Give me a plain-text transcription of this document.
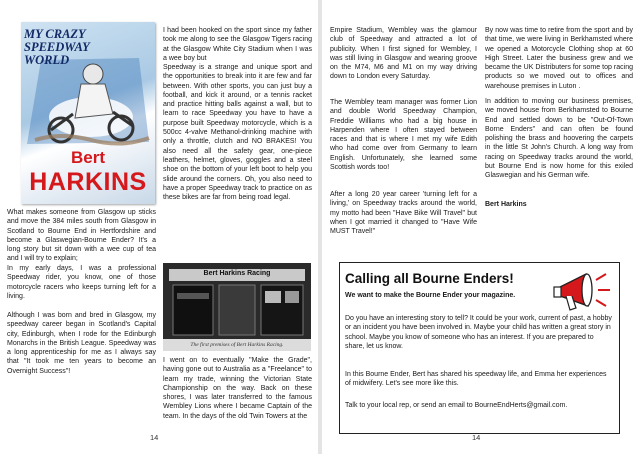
MY CRAZY SPEEDWAY
WORLD
Bert
HARKINS
What makes someone from Glasgow up sticks and move the 384 miles south from Glasgow in Scotland to Bourne End in Hertfordshire and become a Glaswegian-Bourne Ender? It's a long story but sit down with a wee cup of tea and I will try to explain;
In my early days, I was a professional Speedway rider, you know, one of those motorcycle racers who keeps turning left for a living.
Although I was born and bred in Glasgow, my speedway career began in Scotland's Capital city, Edinburgh, when I rode for the Edinburgh Monarchs in the British League. Speedway was a long apprenticeship for me as I always say that "It took me ten years to become an Overnight Success"!
I had been hooked on the sport since my father took me along to see the Glasgow Tigers racing at the Glasgow White City Stadium when I was a wee boy but
Speedway is a strange and unique sport and the opportunities to break into it are few and far between. With other sports, you can just buy a football, and kick it around, or a tennis racket and practice hitting balls against a wall, but to learn to race Speedway you have to have a purpose built Speedway motorcycle, which is a 500cc 4-valve Methanol-drinking machine with only a throttle, clutch and NO BRAKES! You also need all the safety gear, one-piece leathers, helmet, gloves, goggles and a steel shoe on the bottom of your left boot to help you slide around the corners. Oh, you also need to have a proper Speedway track to practice on as these bikes are far from being road legal.
Bert Harkins Racing
The first premises of Bert Harkins Racing.
I went on to eventually "Make the Grade", having gone out to Australia as a "Freelance" to learn my trade, winning the Victorian State Championship on the way. Back on these shores, I was later transferred to the famous Wembley Lions where I became Captain of the team. In the days of the old Twin Towers at the
14
Empire Stadium, Wembley was the glamour club of Speedway and attracted a lot of publicity. When I first signed for Wembley, I was still living in Glasgow and wearing groove on the M74, M6 and M1 on my way driving down to London every Saturday.
The Wembley team manager was former Lion and double World Speedway Champion, Freddie Williams who had a big house in Harpenden where I often stayed between races and that is where I met my wife Edith who had come over from Germany to learn English. Unfortunately, she learned some Scottish words too!
After a long 20 year career 'turning left for a living,' on Speedway tracks around the world, my motto had been "Have Bike Will Travel" but when I got married it changed to "Have Wife MUST Travel!"
By now was time to retire from the sport and by that time, we were living in Berkhamsted where we opened a Motorcycle Clothing shop at 60 High Street. Later the business grew and we became the UK Distributers for some top racing products so we moved out to offices and warehouse premises in Luton .
In addition to moving our business premises, we moved house from Berkhamsted to Bourne End and settled down to be "Out-Of-Town Borne Enders" and can often be found polishing the brass and hoovering the carpets in the little St John's Church. A long way from racing on Speedway tracks around the world, but Bourne End is now home for this exiled Glaswegian and his German wife.
Bert Harkins
14
Calling all Bourne Enders!
We want to make the Bourne Ender your magazine.
Do you have an interesting story to tell? It could be your work, current of past, a hobby or an incident you have been involved in. Maybe your child has written a great story in school. Maybe you know of someone who has an interest. If you are prepared to share, let us know.
In this Bourne Ender, Bert has shared his speedway life, and Emma her experiences of midwifery. Let's see more like this.
Talk to your local rep, or send an email to BourneEndHerts@gmail.com.
